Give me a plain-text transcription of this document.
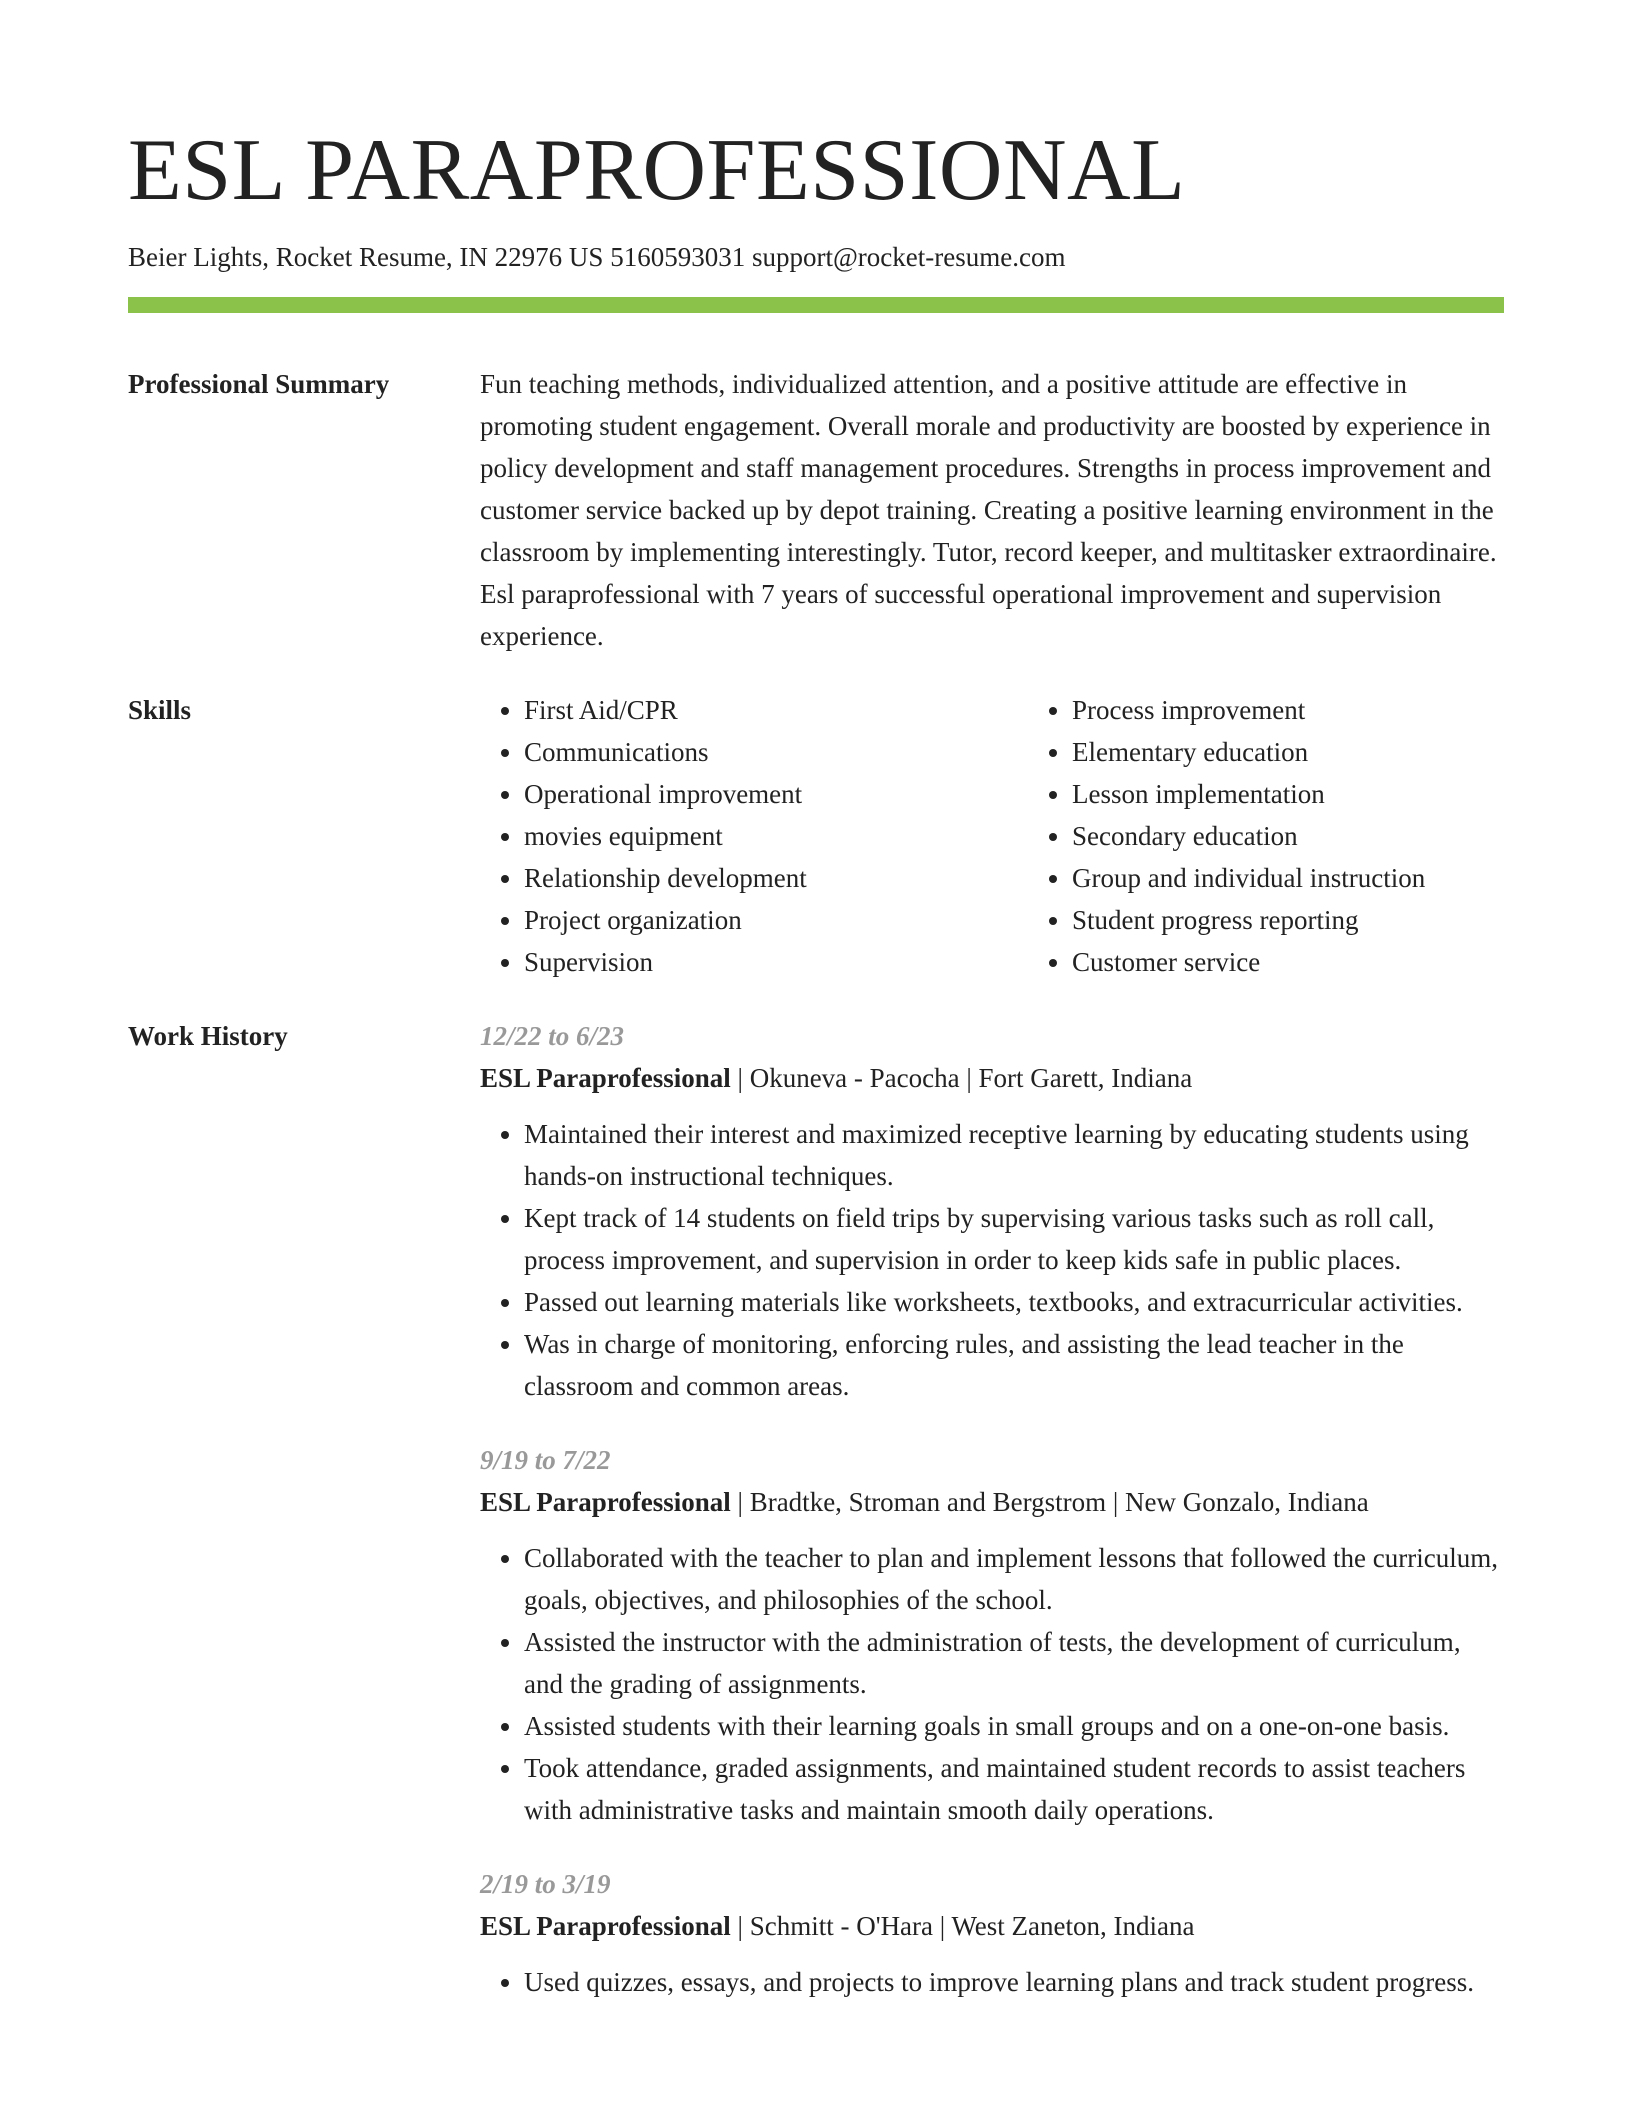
ESL PARAPROFESSIONAL
Beier Lights, Rocket Resume, IN 22976 US 5160593031 support@rocket-resume.com
Professional Summary	Fun teaching methods, individualized attention, and a positive attitude are effective in promoting student engagement. Overall morale and productivity are boosted by experience in policy development and staff management procedures. Strengths in process improvement and customer service backed up by depot training. Creating a positive learning environment in the classroom by implementing interestingly. Tutor, record keeper, and multitasker extraordinaire. Esl paraprofessional with 7 years of successful operational improvement and supervision experience.
Skills
•	First Aid/CPR
• Communications
• Operational improvement
• movies equipment
• Relationship development
• Project organization
• Supervision
• Process improvement
• Elementary education
• Lesson implementation
• Secondary education
• Group and individual instruction
• Student progress reporting
• Customer service
Work History	12/22 to 6/23
ESL Paraprofessional | Okuneva - Pacocha | Fort Garett, Indiana
• Maintained their interest and maximized receptive learning by educating students using hands-on instructional techniques.
• Kept track of 14 students on field trips by supervising various tasks such as roll call, process improvement, and supervision in order to keep kids safe in public places.
• Passed out learning materials like worksheets, textbooks, and extracurricular activities.
• Was in charge of monitoring, enforcing rules, and assisting the lead teacher in the classroom and common areas.
9/19 to 7/22
ESL Paraprofessional | Bradtke, Stroman and Bergstrom | New Gonzalo, Indiana
• Collaborated with the teacher to plan and implement lessons that followed the curriculum, goals, objectives, and philosophies of the school.
• Assisted the instructor with the administration of tests, the development of curriculum, and the grading of assignments.
• Assisted students with their learning goals in small groups and on a one-on-one basis.
• Took attendance, graded assignments, and maintained student records to assist teachers with administrative tasks and maintain smooth daily operations.
2/19 to 3/19
ESL Paraprofessional | Schmitt - O'Hara | West Zaneton, Indiana
• Used quizzes, essays, and projects to improve learning plans and track student progress.
